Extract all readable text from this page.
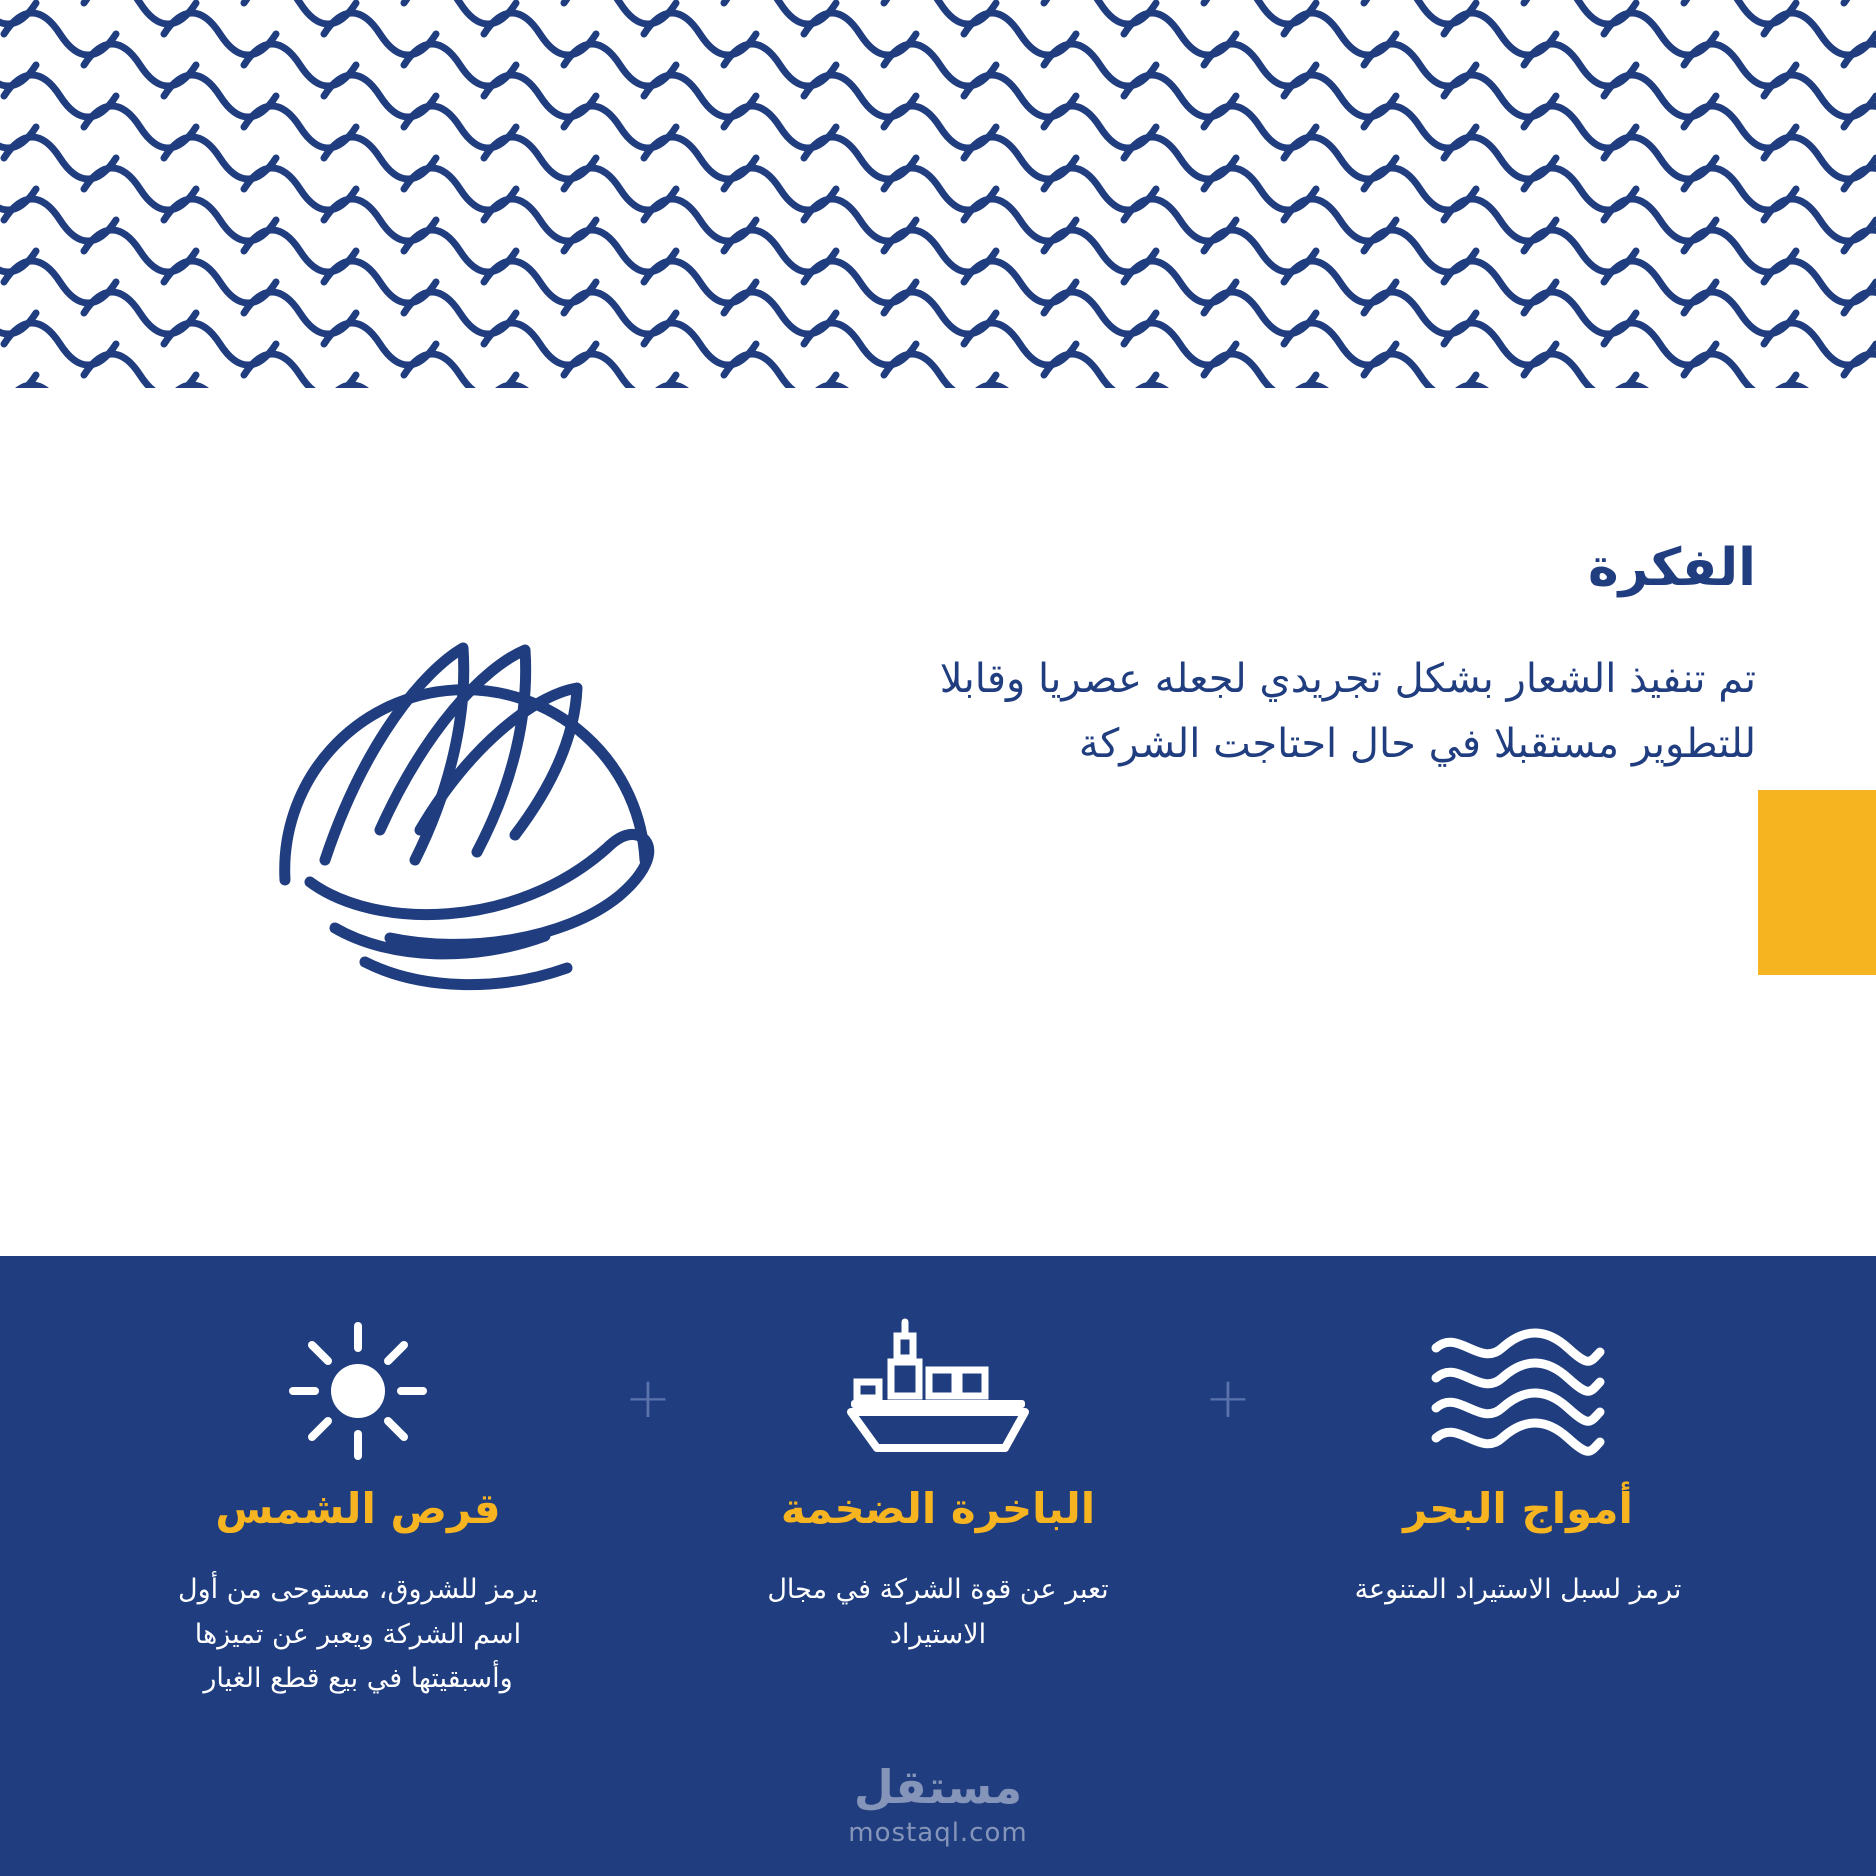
الفكرة

تم تنفيذ الشعار بشكل تجريدي لجعله عصريا وقابلا للتطوير مستقبلا في حال احتاجت الشركة

قرص الشمس
يرمز للشروق، مستوحى من أول اسم الشركة ويعبر عن تميزها وأسبقيتها في بيع قطع الغيار
+
الباخرة الضخمة
تعبر عن قوة الشركة في مجال الاستيراد
+
أمواج البحر
ترمز لسبل الاستيراد المتنوعة
مستقل
mostaql.com
